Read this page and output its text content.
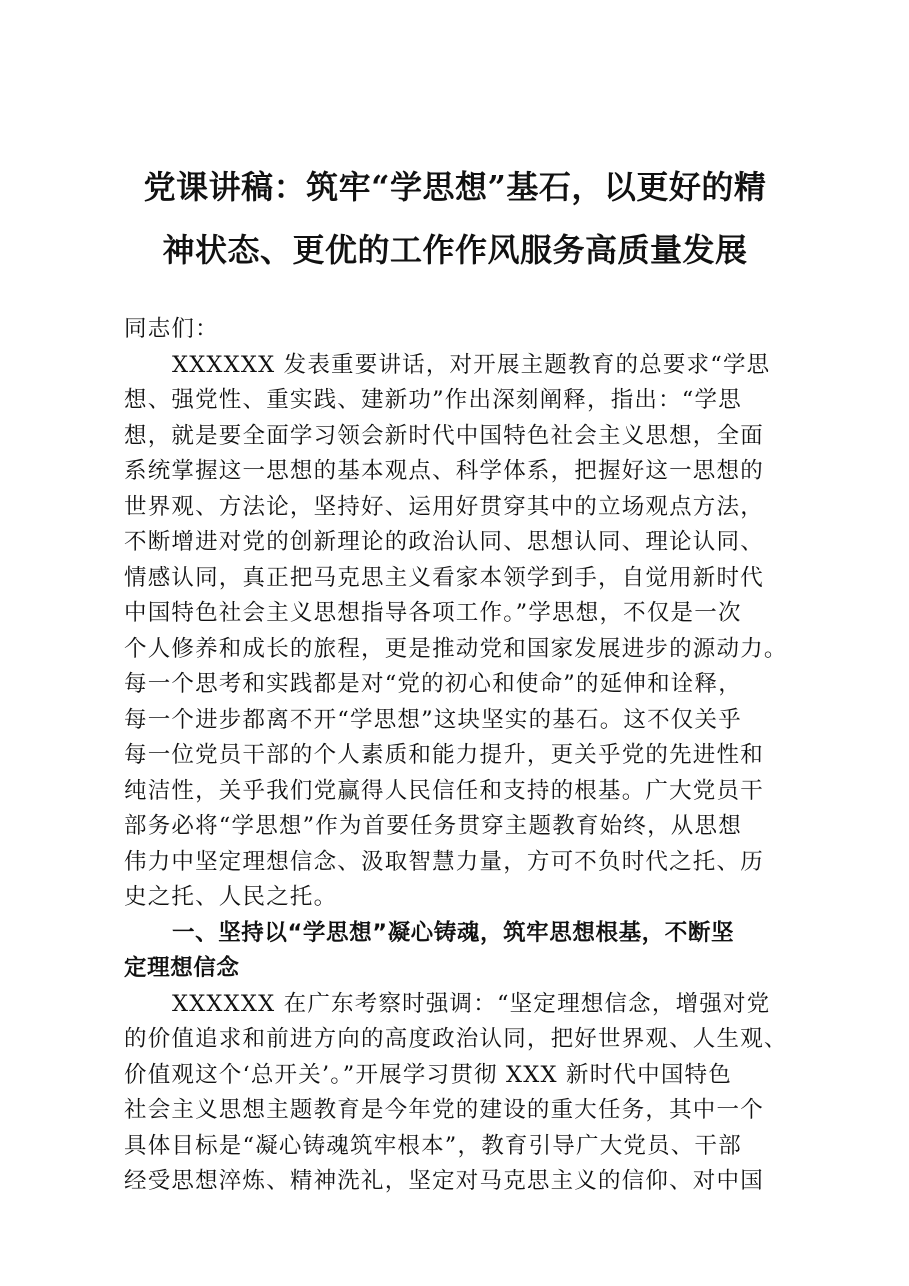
党课讲稿：筑牢“学思想”基石，以更好的精
神状态、更优的工作作风服务高质量发展
同志们：
XXXXXX 发表重要讲话，对开展主题教育的总要求“学思
想、强党性、重实践、建新功”作出深刻阐释，指出：“学思
想，就是要全面学习领会新时代中国特色社会主义思想，全面
系统掌握这一思想的基本观点、科学体系，把握好这一思想的
世界观、方法论，坚持好、运用好贯穿其中的立场观点方法，
不断增进对党的创新理论的政治认同、思想认同、理论认同、
情感认同，真正把马克思主义看家本领学到手，自觉用新时代
中国特色社会主义思想指导各项工作。”学思想，不仅是一次
个人修养和成长的旅程，更是推动党和国家发展进步的源动力。
每一个思考和实践都是对“党的初心和使命”的延伸和诠释，
每一个进步都离不开“学思想”这块坚实的基石。这不仅关乎
每一位党员干部的个人素质和能力提升，更关乎党的先进性和
纯洁性，关乎我们党赢得人民信任和支持的根基。广大党员干
部务必将“学思想”作为首要任务贯穿主题教育始终，从思想
伟力中坚定理想信念、汲取智慧力量，方可不负时代之托、历
史之托、人民之托。
一、坚持以“学思想”凝心铸魂，筑牢思想根基，不断坚
定理想信念
XXXXXX 在广东考察时强调：“坚定理想信念，增强对党
的价值追求和前进方向的高度政治认同，把好世界观、人生观、
价值观这个‘总开关’。”开展学习贯彻 XXX 新时代中国特色
社会主义思想主题教育是今年党的建设的重大任务，其中一个
具体目标是“凝心铸魂筑牢根本”，教育引导广大党员、干部
经受思想淬炼、精神洗礼，坚定对马克思主义的信仰、对中国
